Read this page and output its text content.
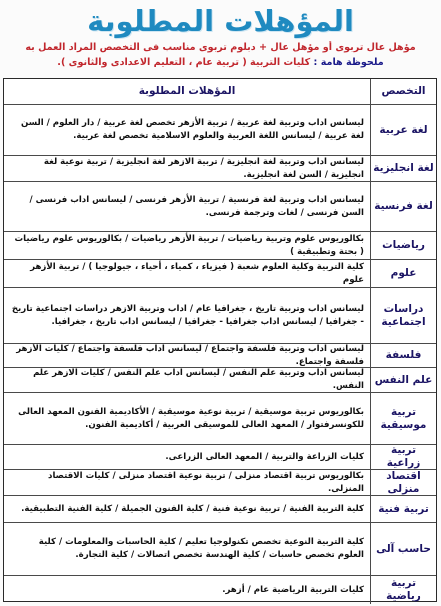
المؤهلات المطلوبة
مؤهل عال تربوى أو مؤهل عال + دبلوم تربوى مناسب فى التخصص المراد العمل به
ملحوظة هامة : كليات التربية ( تربية عام ، التعليم الاعدادى والثانوى ).
التخصص
المؤهلات المطلوبة
لغة عربية
ليسانس اداب وتربية لغة عربية / تربية الأزهر تخصص لغة عربية / دار العلوم / السن لغة عربية / ليسانس اللغة العربية والعلوم الاسلامية تخصص لغة عربية.
لغة انجليزية
ليسانس اداب وتربية لغة انجليزية / تربية الازهر لغة انجليزية / تربية نوعية لغة انجليزية / السن لغة انجليزية.
لغة فرنسية
ليسانس اداب وتربية لغة فرنسية / تربية الأزهر فرنسى / ليسانس اداب فرنسى / السن فرنسى / لغات وترجمة فرنسى.
رياضيات
بكالوريوس علوم وتربية رياضيات / تربية الأزهر رياضيات / بكالوريوس علوم رياضيات ( بحتة وتطبيقية )
علوم
كلية التربية وكلية العلوم شعبة ( فيزياء ، كمياء ، أحياء ، جيولوجيا ) / تربية الأزهر علوم
دراسات اجتماعية
ليسانس اداب وتربية تاريخ ، جغرافيا عام / اداب وتربية الازهر دراسات اجتماعية تاريخ - جغرافيا / ليسانس اداب جغرافيا - جغرافيا / ليسانس اداب تاريخ ، جغرافيا.
فلسفة
ليسانس اداب وتربية فلسفة واجتماع / ليسانس اداب فلسفة واجتماع / كليات الأزهر فلسفة واجتماع.
علم النفس
ليسانس اداب وتربية علم النفس / ليسانس اداب علم النفس / كليات الازهر علم النفس.
تربية موسيقية
بكالوريوس تربية موسيقية / تربية نوعية موسيقية / الأكاديمية الفنون المعهد العالى للكونسرفتوار / المعهد العالى للموسيقى العربية / أكاديمية الفنون.
تربية زراعية
كليات الزراعة والتربية / المعهد العالى الزراعى.
اقتصاد منزلى
بكالوريوس تربية اقتصاد منزلى / تربية نوعية اقتصاد منزلى / كليات الاقتصاد المنزلى.
تربية فنية
كلية التربية الفنية / تربية نوعية فنية / كلية الفنون الجميلة / كلية الفنية التطبيقية.
حاسب آلى
كلية التربية النوعية تخصص تكنولوجيا تعليم / كلية الحاسبات والمعلومات / كلية العلوم تخصص حاسبات / كلية الهندسة تخصص اتصالات / كلية التجارة.
تربية رياضية
كليات التربية الرياضية عام / أزهر.
